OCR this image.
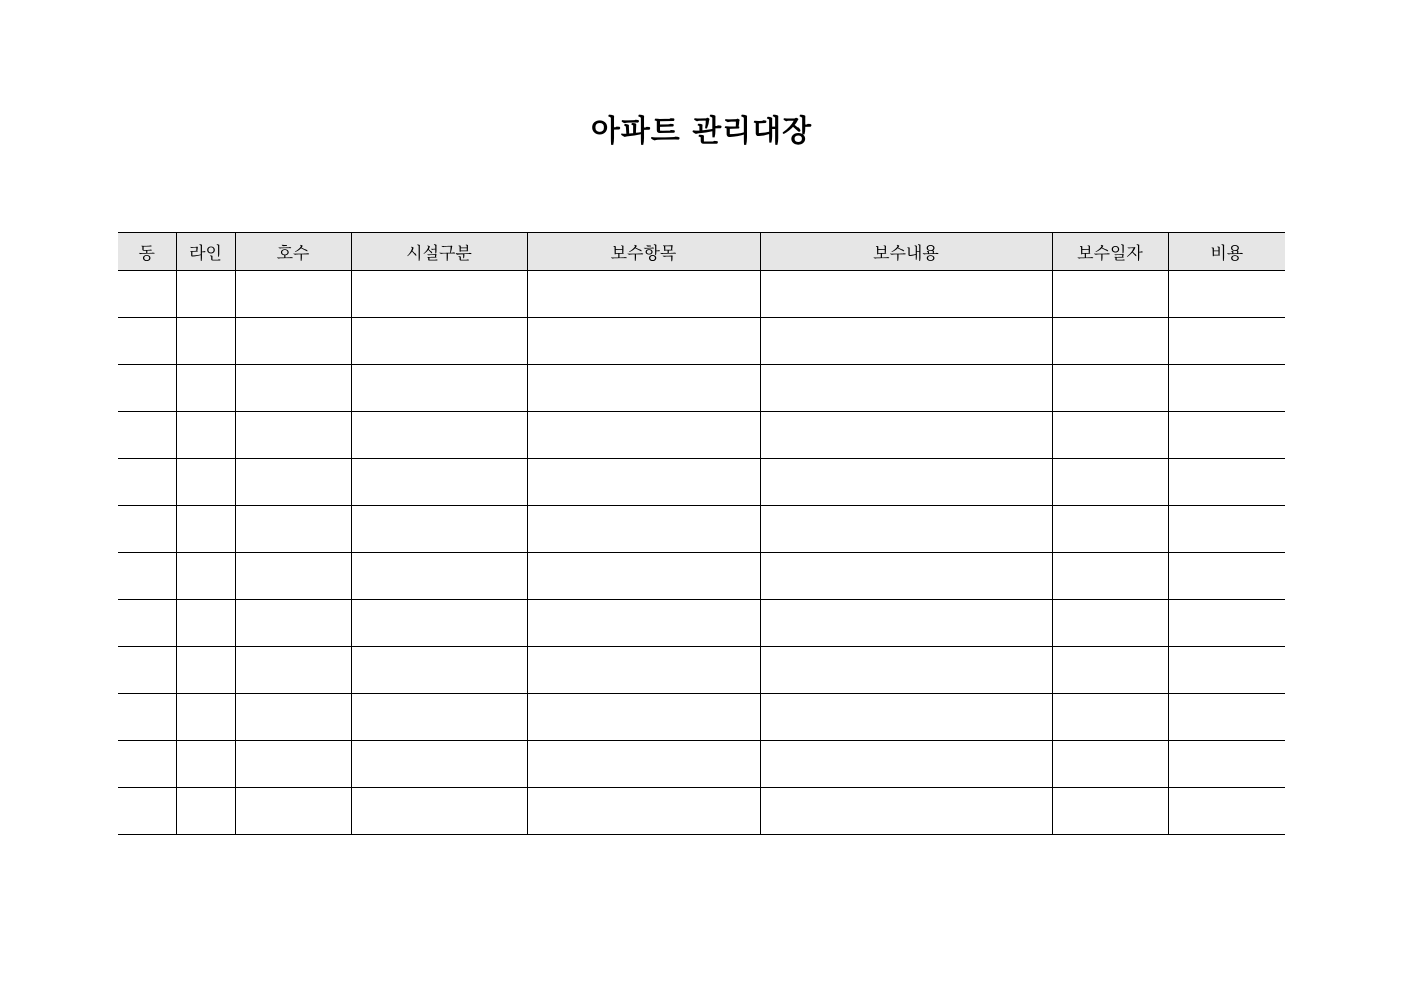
아파트 관리대장
동	라인	호수	시설구분	보수항목	보수내용	보수일자	비용
